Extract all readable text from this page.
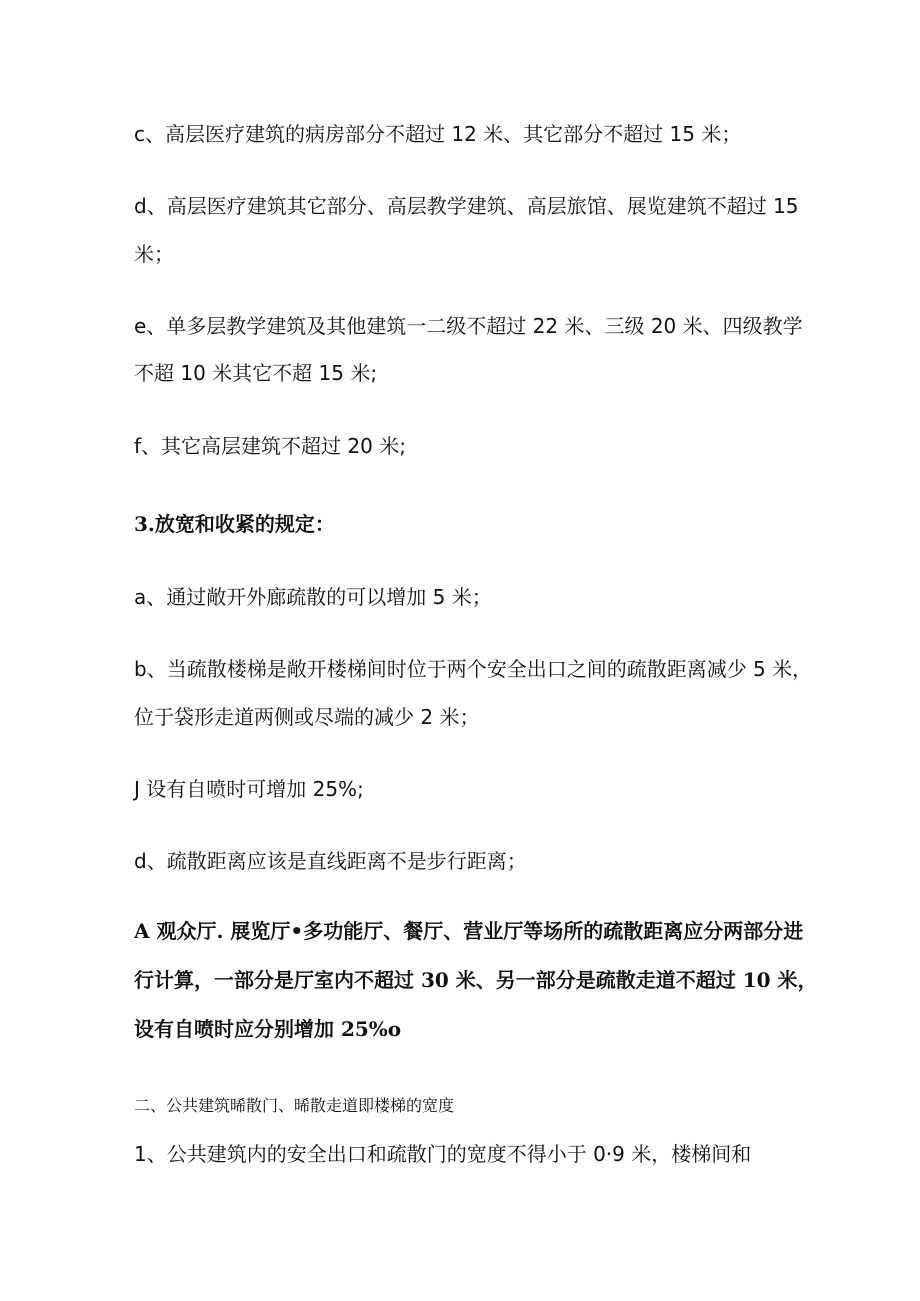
c、高层医疗建筑的病房部分不超过 12 米、其它部分不超过 15 米；

d、高层医疗建筑其它部分、高层教学建筑、高层旅馆、展览建筑不超过 15

米；

e、单多层教学建筑及其他建筑一二级不超过 22 米、三级 20 米、四级教学

不超 10 米其它不超 15 米;

f、其它高层建筑不超过 20 米;

3.放宽和收紧的规定：

a、通过敞开外廊疏散的可以增加 5 米；

b、当疏散楼梯是敞开楼梯间时位于两个安全出口之间的疏散距离减少 5 米，

位于袋形走道两侧或尽端的减少 2 米；

J 设有自喷时可增加 25%;

d、疏散距离应该是直线距离不是步行距离；

A 观众厅. 展览厅•多功能厅、餐厅、营业厅等场所的疏散距离应分两部分进

行计算，一部分是厅室内不超过 30 米、另一部分是疏散走道不超过 10 米，

设有自喷时应分别增加 25%o

二、公共建筑晞散门、晞散走道即楼梯的宽度

1、公共建筑内的安全出口和疏散门的宽度不得小于 0·9 米，楼梯间和
